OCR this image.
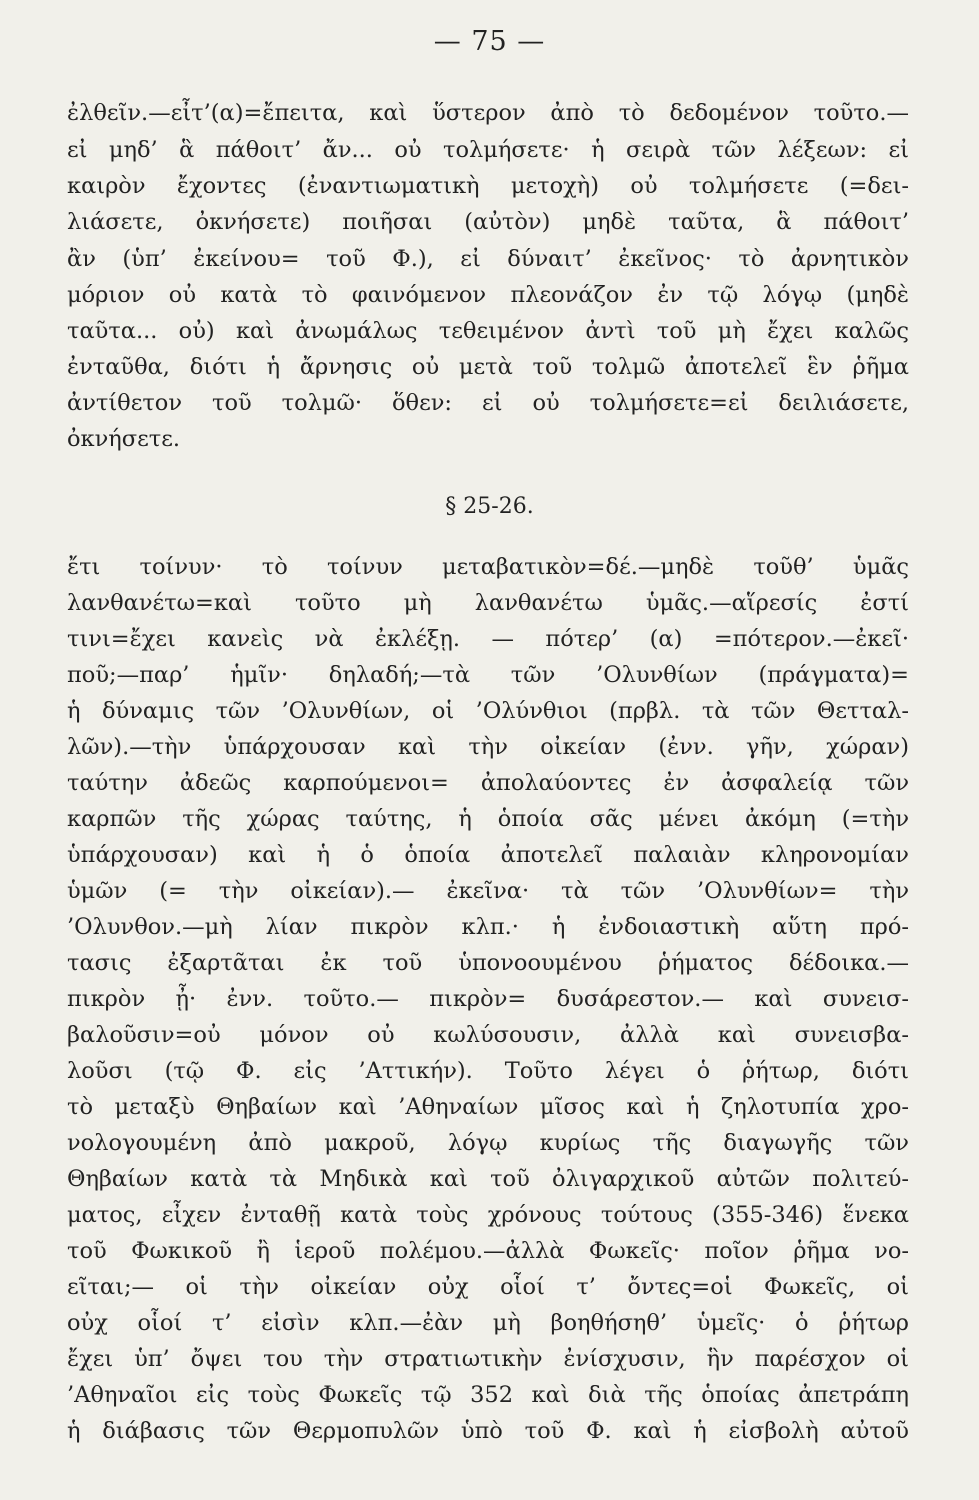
— 75 —
ἐλθεῖν.—εἶτ’(α)=ἔπειτα, καὶ ὕστερον ἀπὸ τὸ δεδομένον τοῦτο.—
εἰ μηδ’ ἃ πάθοιτ’ ἄν... οὐ τολμήσετε· ἡ σειρὰ τῶν λέξεων: εἰ
καιρὸν ἔχοντες (ἐναντιωματικὴ μετοχὴ) οὐ τολμήσετε (=δει-
λιάσετε, ὀκνήσετε) ποιῆσαι (αὐτὸν) μηδὲ ταῦτα, ἃ πάθοιτ’
ἂν (ὑπ’ ἐκείνου= τοῦ Φ.), εἰ δύναιτ’ ἐκεῖνος· τὸ ἀρνητικὸν
μόριον οὐ κατὰ τὸ φαινόμενον πλεονάζον ἐν τῷ λόγῳ (μηδὲ
ταῦτα... οὐ) καὶ ἀνωμάλως τεθειμένον ἀντὶ τοῦ μὴ ἔχει καλῶς
ἐνταῦθα, διότι ἡ ἄρνησις οὐ μετὰ τοῦ τολμῶ ἀποτελεῖ ἓν ῥῆμα
ἀντίθετον τοῦ τολμῶ· ὅθεν: εἰ οὐ τολμήσετε=εἰ δειλιάσετε,
ὀκνήσετε.
§ 25-26.
ἔτι τοίνυν· τὸ τοίνυν μεταβατικὸν=δέ.—μηδὲ τοῦθ’ ὑμᾶς
λανθανέτω=καὶ τοῦτο μὴ λανθανέτω ὑμᾶς.—αἵρεσίς ἐστί
τινι=ἔχει κανεὶς νὰ ἐκλέξῃ. — πότερ’ (α) =πότερον.—ἐκεῖ·
ποῦ;—παρ’ ἡμῖν· δηλαδή;—τὰ τῶν ’Ολυνθίων (πράγματα)=
ἡ δύναμις τῶν ’Ολυνθίων, οἱ ’Ολύνθιοι (πρβλ. τὰ τῶν Θετταλ-
λῶν).—τὴν ὑπάρχουσαν καὶ τὴν οἰκείαν (ἐνν. γῆν, χώραν)
ταύτην ἀδεῶς καρπούμενοι= ἀπολαύοντες ἐν ἀσφαλείᾳ τῶν
καρπῶν τῆς χώρας ταύτης, ἡ ὁποία σᾶς μένει ἀκόμη (=τὴν
ὑπάρχουσαν) καὶ ἡ ὁ ὁποία ἀποτελεῖ παλαιὰν κληρονομίαν
ὑμῶν (= τὴν οἰκείαν).— ἐκεῖνα· τὰ τῶν ’Ολυνθίων= τὴν
’Ολυνθον.—μὴ λίαν πικρὸν κλπ.· ἡ ἐνδοιαστικὴ αὕτη πρό-
τασις ἐξαρτᾶται ἐκ τοῦ ὑπονοουμένου ῥήματος δέδοικα.—
πικρὸν ᾖ· ἐνν. τοῦτο.— πικρὸν= δυσάρεστον.— καὶ συνεισ-
βαλοῦσιν=οὐ μόνον οὐ κωλύσουσιν, ἀλλὰ καὶ συνεισβα-
λοῦσι (τῷ Φ. εἰς ’Αττικήν). Τοῦτο λέγει ὁ ῥήτωρ, διότι
τὸ μεταξὺ Θηβαίων καὶ ’Αθηναίων μῖσος καὶ ἡ ζηλοτυπία χρο-
νολογουμένη ἀπὸ μακροῦ, λόγῳ κυρίως τῆς διαγωγῆς τῶν
Θηβαίων κατὰ τὰ Μηδικὰ καὶ τοῦ ὀλιγαρχικοῦ αὐτῶν πολιτεύ-
ματος, εἶχεν ἐνταθῇ κατὰ τοὺς χρόνους τούτους (355-346) ἕνεκα
τοῦ Φωκικοῦ ἢ ἱεροῦ πολέμου.—ἀλλὰ Φωκεῖς· ποῖον ῥῆμα νο-
εῖται;— οἱ τὴν οἰκείαν οὐχ οἷοί τ’ ὄντες=οἱ Φωκεῖς, οἱ
οὐχ οἷοί τ’ εἰσὶν κλπ.—ἐὰν μὴ βοηθήσηθ’ ὑμεῖς· ὁ ῥήτωρ
ἔχει ὑπ’ ὄψει του τὴν στρατιωτικὴν ἐνίσχυσιν, ἣν παρέσχον οἱ
’Αθηναῖοι εἰς τοὺς Φωκεῖς τῷ 352 καὶ διὰ τῆς ὁποίας ἀπετράπη
ἡ διάβασις τῶν Θερμοπυλῶν ὑπὸ τοῦ Φ. καὶ ἡ εἰσβολὴ αὐτοῦ
